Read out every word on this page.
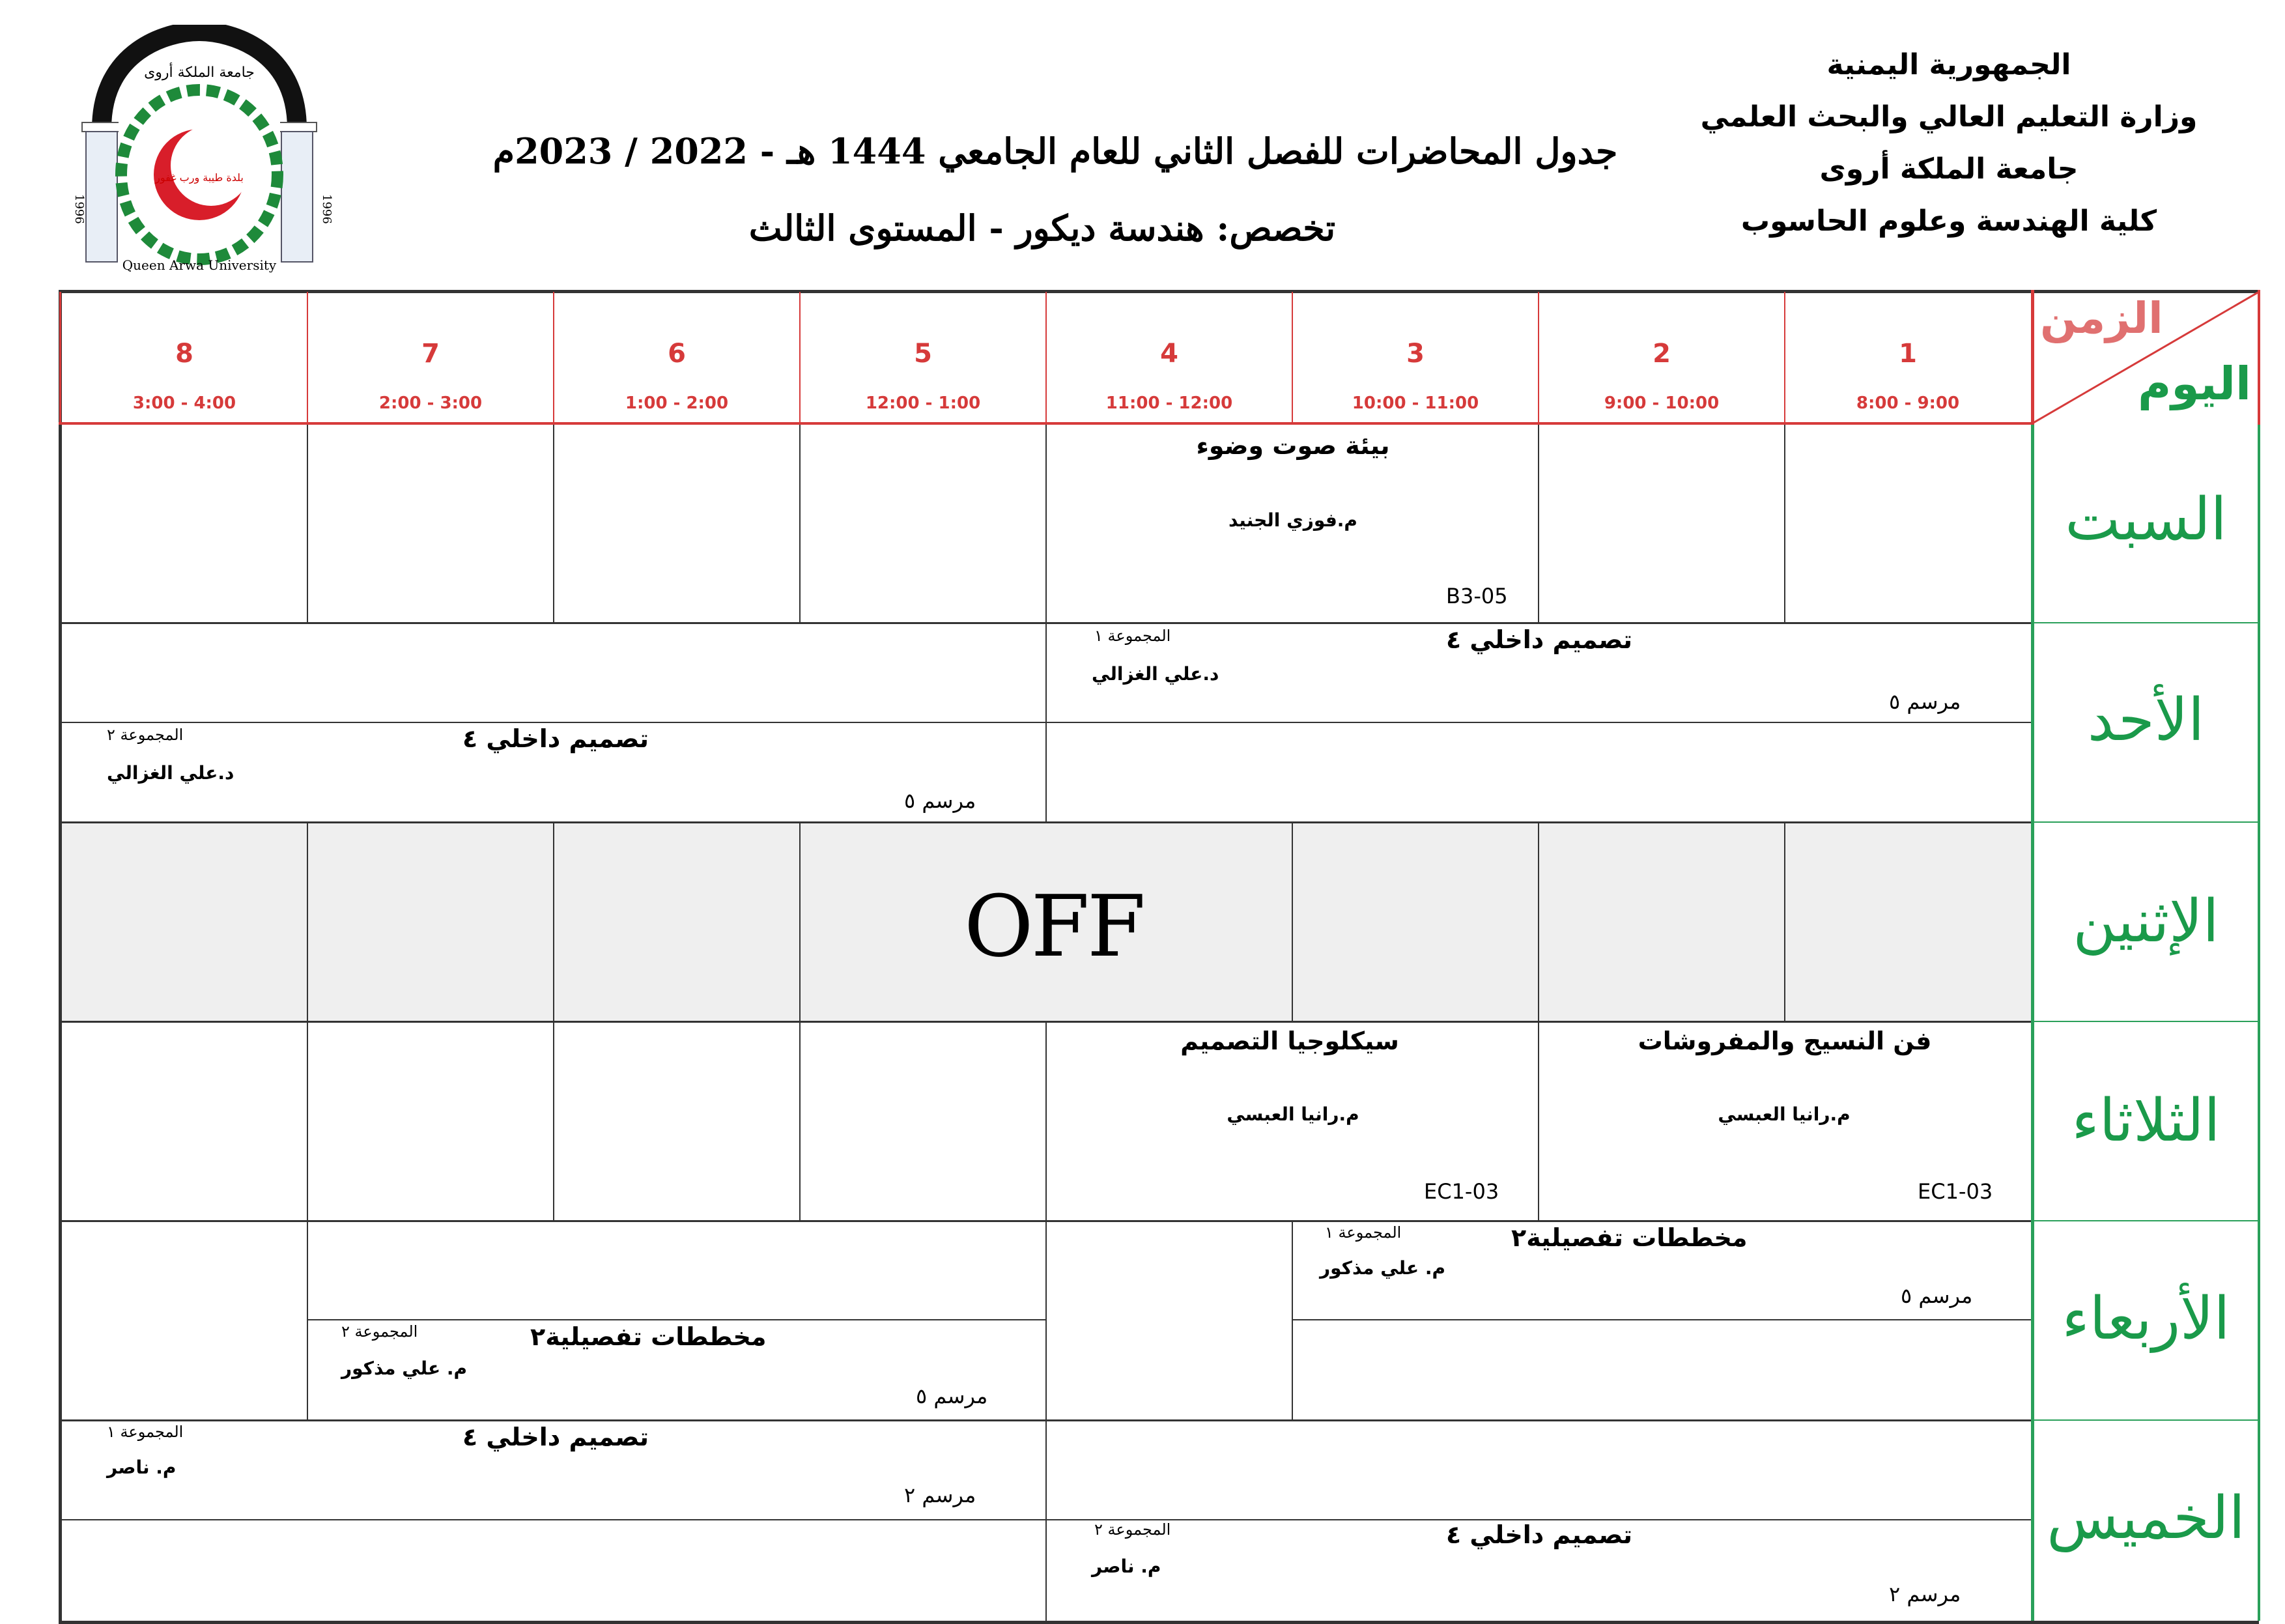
الجمهورية اليمنية
وزارة التعليم العالي والبحث العلمي
جامعة الملكة أروى
كلية الهندسة وعلوم الحاسوب
جدول المحاضرات للفصل الثاني للعام الجامعي 1444 هـ - 2022 / 2023م
تخصص: هندسة ديكور - المستوى الثالث
بلدة طيبة ورب غفور
جامعة الملكة أروى
Queen Arwa University
1996	1996
الزمن
اليوم
1
8:00 - 9:00
2
9:00 - 10:00
3
10:00 - 11:00
4
11:00 - 12:00
5
12:00 - 1:00
6
1:00 - 2:00
7
2:00 - 3:00
8
3:00 - 4:00
السبت
الأحد
الإثنين
الثلاثاء
الأربعاء
الخميس
بيئة صوت وضوء
م.فوزي الجنيد
B3-05
تصميم داخلي ٤
المجموعة ١
د.علي الغزالي
مرسم ٥
تصميم داخلي ٤
المجموعة ٢
د.علي الغزالي
مرسم ٥
OFF
فن النسيج والمفروشات
م.رانيا العبسي
EC1-03
سيكلوجيا التصميم
م.رانيا العبسي
EC1-03
مخططات تفصيلية٢
المجموعة ١
م. علي مذكور
مرسم ٥
مخططات تفصيلية٢
المجموعة ٢
م. علي مذكور
مرسم ٥
تصميم داخلي ٤
المجموعة ١
م. ناصر
مرسم ٢
تصميم داخلي ٤
المجموعة ٢
م. ناصر
مرسم ٢
